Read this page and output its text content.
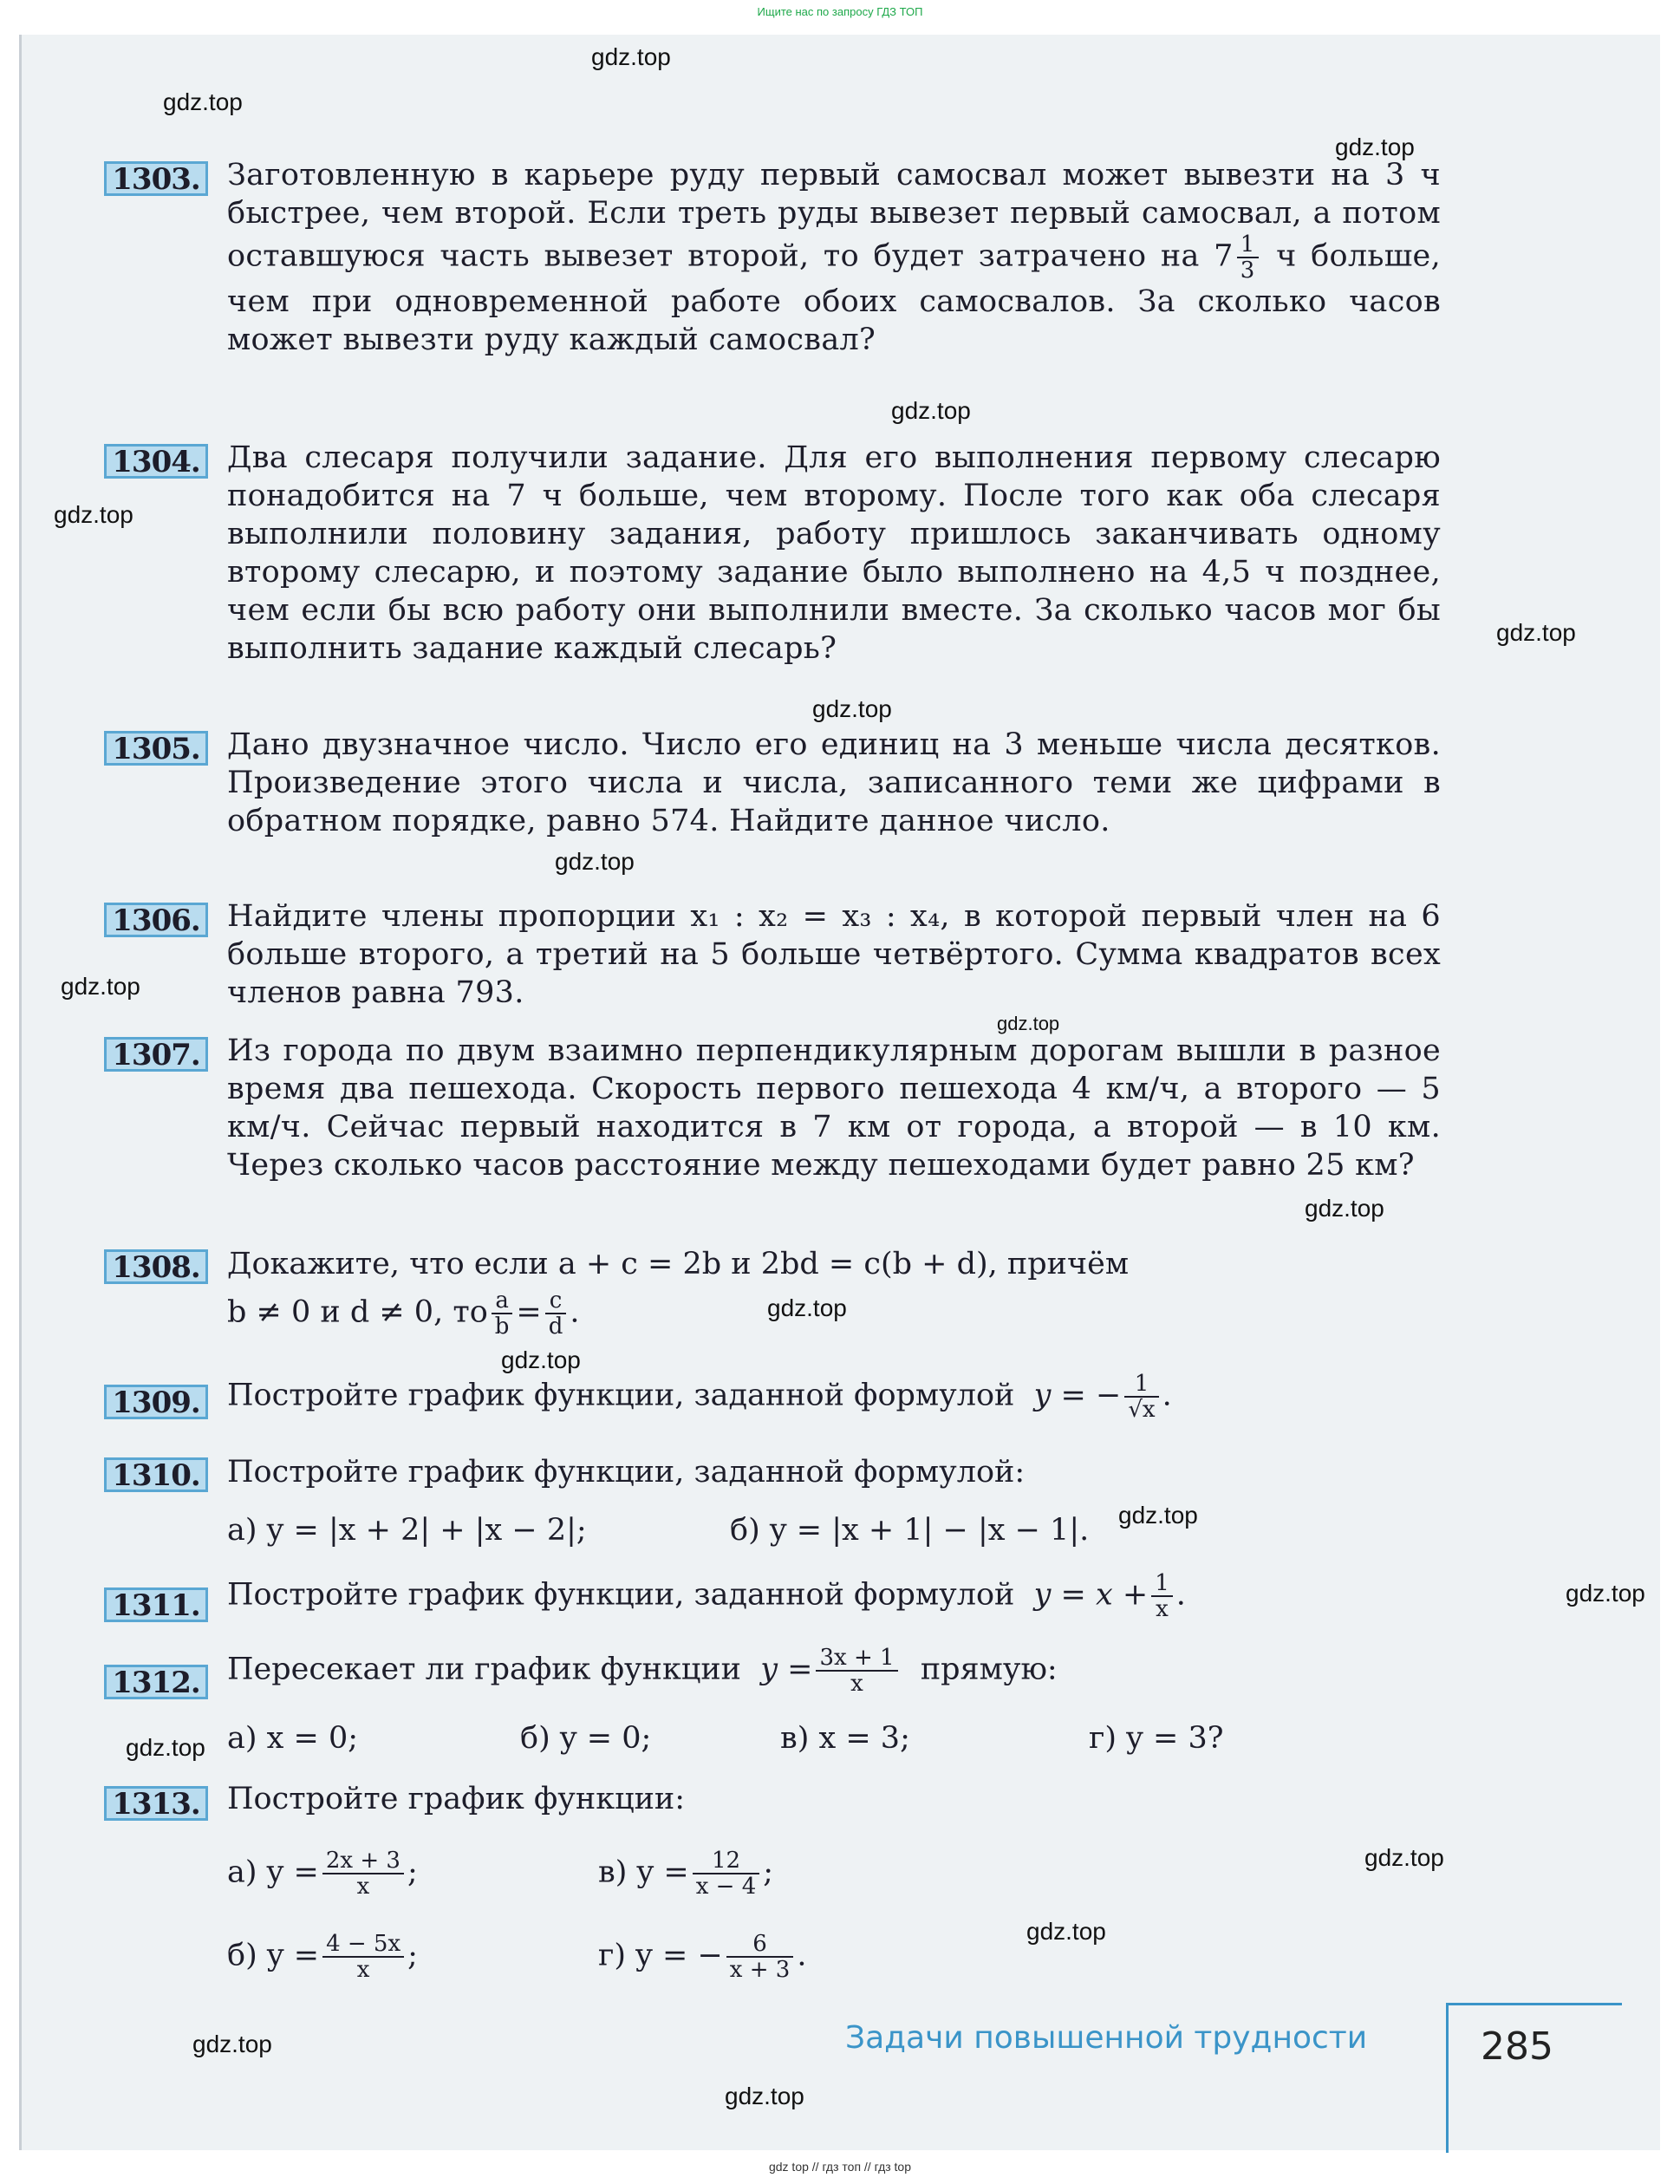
Ищите нас по запросу ГДЗ ТОП
gdz.top
gdz.top
gdz.top
gdz.top
gdz.top
gdz.top
gdz.top
gdz.top
gdz.top
gdz.top
gdz.top
gdz.top
gdz.top
gdz.top
gdz.top
gdz.top
gdz.top
gdz.top
gdz.top
gdz.top
1303. Заготовленную в карьере руду первый самосвал может вывезти на 3 ч быстрее, чем второй. Если треть руды вывезет первый самосвал, а потом оставшуюся часть вывезет второй, то будет затрачено на $7 \frac{1}{3}$ ч больше, чем при одновременной работе обоих самосвалов. За сколько часов может вывезти руду каждый самосвал?
1304. Два слесаря получили задание. Для его выполнения первому слесарю понадобится на 7 ч больше, чем второму. После того как оба слесаря выполнили половину задания, работу пришлось заканчивать одному второму слесарю, и поэтому задание было выполнено на 4,5 ч позднее, чем если бы всю работу они выполнили вместе. За сколько часов мог бы выполнить задание каждый слесарь?
1305. Дано двузначное число. Число его единиц на 3 меньше числа десятков. Произведение этого числа и числа, записанного теми же цифрами в обратном порядке, равно 574. Найдите данное число.
1306. Найдите члены пропорции x₁ : x₂ = x₃ : x₄, в которой первый член на 6 больше второго, а третий на 5 больше четвёртого. Сумма квадратов всех членов равна 793.
1307. Из города по двум взаимно перпендикулярным дорогам вышли в разное время два пешехода. Скорость первого пешехода 4 км/ч, а второго — 5 км/ч. Сейчас первый находится в 7 км от города, а второй — в 10 км. Через сколько часов расстояние между пешеходами будет равно 25 км?
1308. Докажите, что если a + c = 2b и 2bd = c(b + d), причём
b ≠ 0 и d ≠ 0, то $\frac{a}{b} = \frac{c}{d}$ .
1309. Постройте график функции, заданной формулой y = − $\frac{1}{√x}$ .
1310. Постройте график функции, заданной формулой:
а) y = |x + 2| + |x − 2|;	б) y = |x + 1| − |x − 1|.
1311. Постройте график функции, заданной формулой $y = x + \frac{1}{x}$ .
1312. Пересекает ли график функции $y = \frac{3x + 1}{x}$ прямую:
а) x = 0;	б) y = 0;	в) x = 3;	г) y = 3?
1313. Постройте график функции:
а) $y = \frac{2x + 3}{x}$ ;	в) $y = \frac{12}{x - 4}$ ;
б) $y = \frac{4 - 5x}{x}$ ;	г) y = − $\frac{6}{x + 3}$ .
Задачи повышенной трудности	285
gdz top // гдз топ // гдз top
